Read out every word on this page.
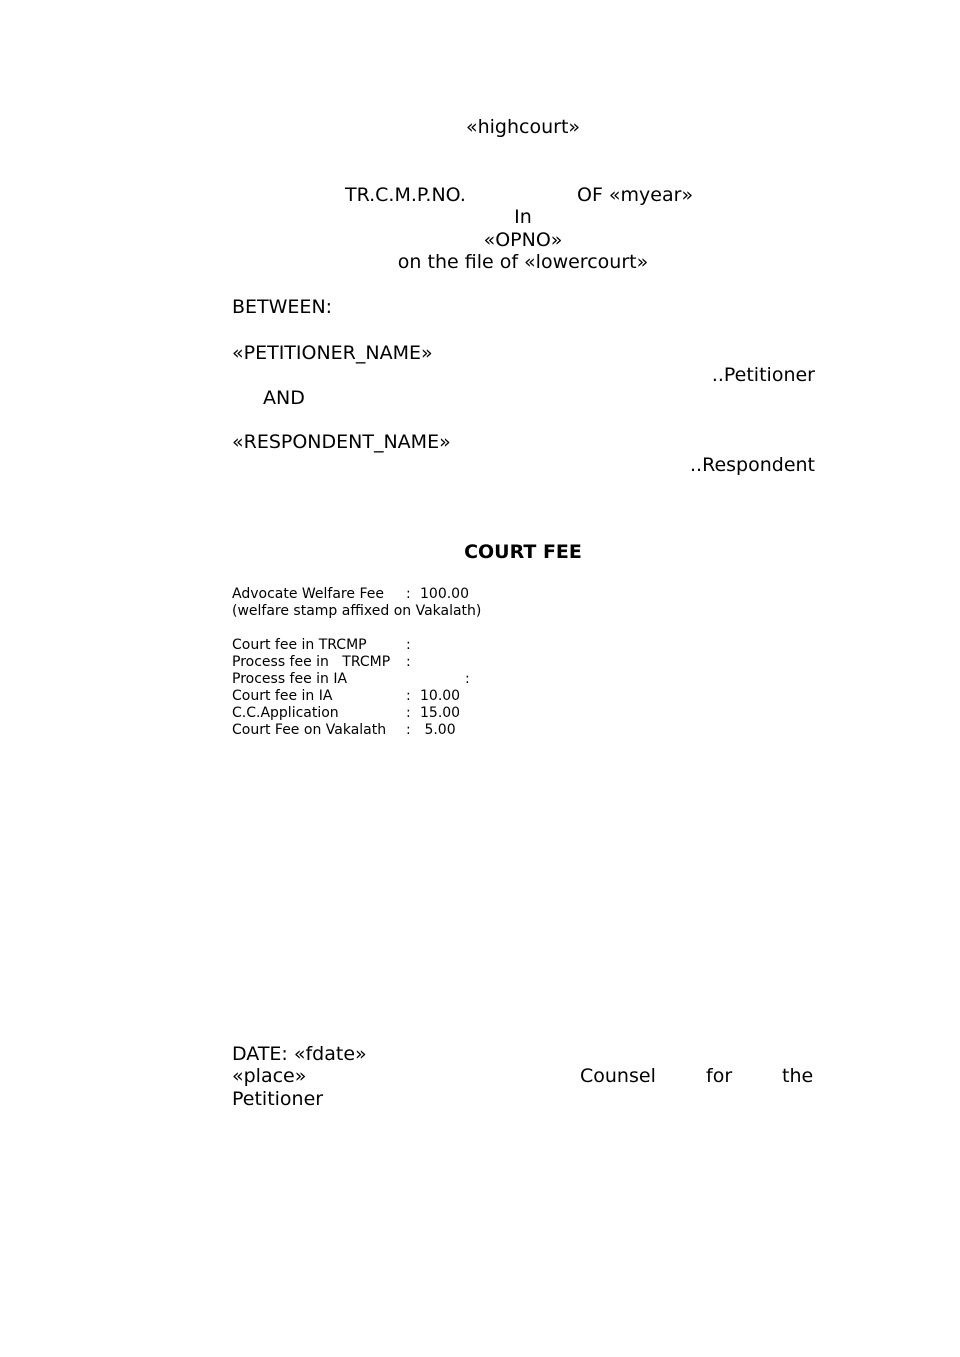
«highcourt»
TR.C.M.P.NO.	OF «myear»
In
«OPNO»
on the file of «lowercourt»
BETWEEN:
«PETITIONER_NAME»
..Petitioner
AND
«RESPONDENT_NAME»
..Respondent
COURT FEE
Advocate Welfare Fee : 100.00
(welfare stamp affixed on Vakalath)
Court fee in TRCMP	:
Process fee in   TRCMP :
Process fee in IA	:
Court fee in IA	: 10.00
C.C.Application	: 15.00
Court Fee on Vakalath : 5.00
DATE: «fdate»
«place»	Counsel	for	the
Petitioner
